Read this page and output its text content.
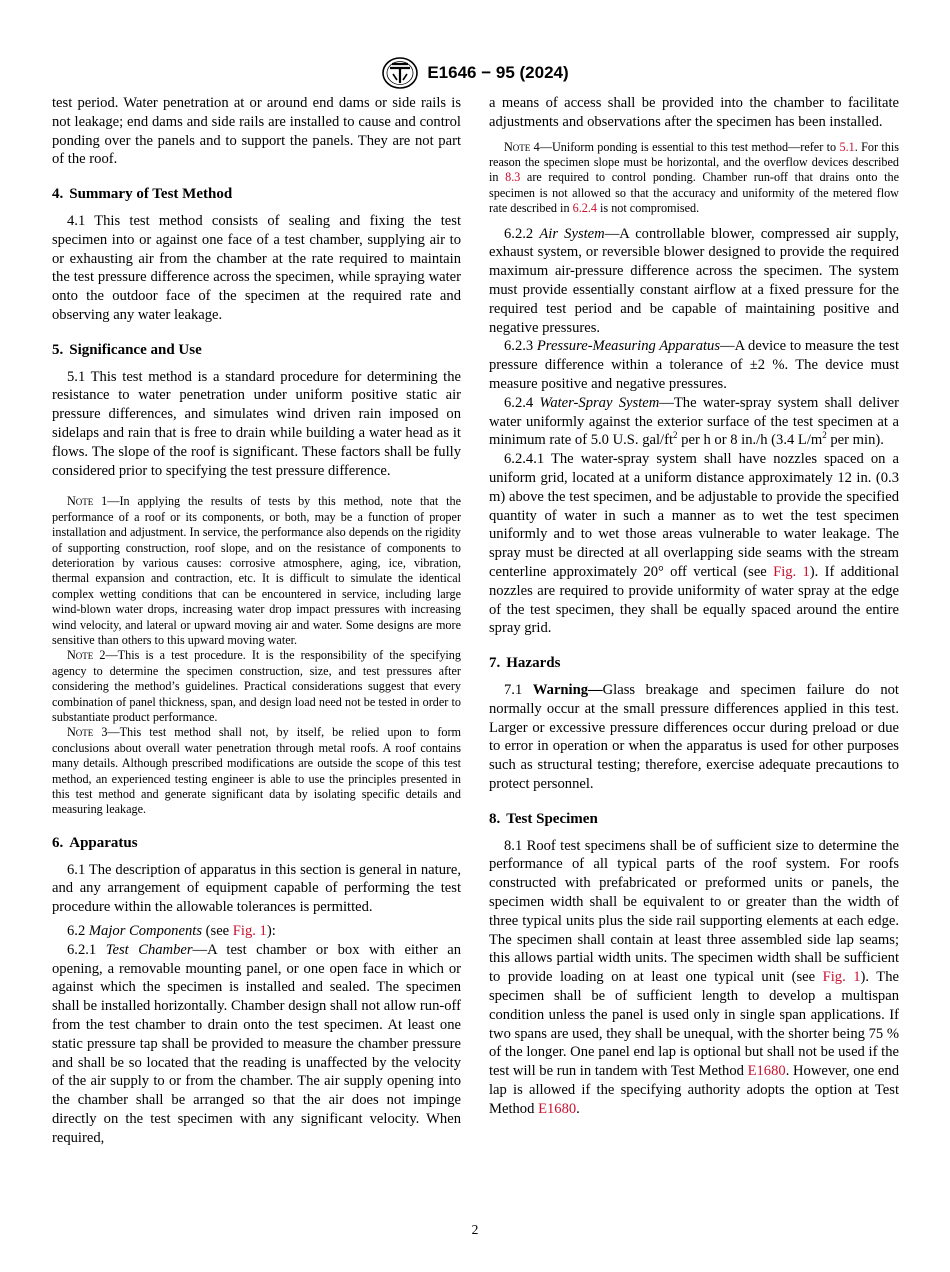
E1646 − 95 (2024)

test period. Water penetration at or around end dams or side rails is not leakage; end dams and side rails are installed to cause and control ponding over the panels and to support the panels. They are not part of the roof.

4. Summary of Test Method

4.1 This test method consists of sealing and fixing the test specimen into or against one face of a test chamber, supplying air to or exhausting air from the chamber at the rate required to maintain the test pressure difference across the specimen, while spraying water onto the outdoor face of the specimen at the required rate and observing any water leakage.

5. Significance and Use

5.1 This test method is a standard procedure for determining the resistance to water penetration under uniform positive static air pressure differences, and simulates wind driven rain imposed on sidelaps and rain that is free to drain while building a water head as it flows. The slope of the roof is significant. These factors shall be fully considered prior to specifying the test pressure difference.

Note 1—In applying the results of tests by this method, note that the performance of a roof or its components, or both, may be a function of proper installation and adjustment. In service, the performance also depends on the rigidity of supporting construction, roof slope, and on the resistance of components to deterioration by various causes: corrosive atmosphere, aging, ice, vibration, thermal expansion and contraction, etc. It is difficult to simulate the identical complex wetting conditions that can be encountered in service, including large wind-blown water drops, increasing water drop impact pressures with increasing wind velocity, and lateral or upward moving air and water. Some designs are more sensitive than others to this upward moving water.

Note 2—This is a test procedure. It is the responsibility of the specifying agency to determine the specimen construction, size, and test pressures after considering the method’s guidelines. Practical considerations suggest that every combination of panel thickness, span, and design load need not be tested in order to substantiate product performance.

Note 3—This test method shall not, by itself, be relied upon to form conclusions about overall water penetration through metal roofs. A roof contains many details. Although prescribed modifications are outside the scope of this test method, an experienced testing engineer is able to use the principles presented in this test method and generate significant data by isolating specific details and measuring leakage.

6. Apparatus

6.1 The description of apparatus in this section is general in nature, and any arrangement of equipment capable of performing the test procedure within the allowable tolerances is permitted.

6.2 Major Components (see Fig. 1):

6.2.1 Test Chamber—A test chamber or box with either an opening, a removable mounting panel, or one open face in which or against which the specimen is installed and sealed. The specimen shall be installed horizontally. Chamber design shall not allow run-off from the test chamber to drain onto the test specimen. At least one static pressure tap shall be provided to measure the chamber pressure and shall be so located that the reading is unaffected by the velocity of the air supply to or from the chamber. The air supply opening into the chamber shall be arranged so that the air does not impinge directly on the test specimen with any significant velocity. When required,

a means of access shall be provided into the chamber to facilitate adjustments and observations after the specimen has been installed.

Note 4—Uniform ponding is essential to this test method—refer to 5.1. For this reason the specimen slope must be horizontal, and the overflow devices described in 8.3 are required to control ponding. Chamber run-off that drains onto the specimen is not allowed so that the accuracy and uniformity of the metered flow rate described in 6.2.4 is not compromised.

6.2.2 Air System—A controllable blower, compressed air supply, exhaust system, or reversible blower designed to provide the required maximum air-pressure difference across the specimen. The system must provide essentially constant airflow at a fixed pressure for the required test period and be capable of maintaining positive and negative pressures.

6.2.3 Pressure-Measuring Apparatus—A device to measure the test pressure difference within a tolerance of ±2 %. The device must measure positive and negative pressures.

6.2.4 Water-Spray System—The water-spray system shall deliver water uniformly against the exterior surface of the test specimen at a minimum rate of 5.0 U.S. gal/$ft^2$ per h or 8 in./h (3.4 $L/m^2$ per min).

6.2.4.1 The water-spray system shall have nozzles spaced on a uniform grid, located at a uniform distance approximately 12 in. (0.3 m) above the test specimen, and be adjustable to provide the specified quantity of water in such a manner as to wet the test specimen uniformly and to wet those areas vulnerable to water leakage. The spray must be directed at all overlapping side seams with the stream centerline approximately 20° off vertical (see Fig. 1). If additional nozzles are required to provide uniformity of water spray at the edge of the test specimen, they shall be equally spaced around the entire spray grid.

7. Hazards

7.1 Warning—Glass breakage and specimen failure do not normally occur at the small pressure differences applied in this test. Larger or excessive pressure differences occur during preload or due to error in operation or when the apparatus is used for other purposes such as structural testing; therefore, exercise adequate precautions to protect personnel.

8. Test Specimen

8.1 Roof test specimens shall be of sufficient size to determine the performance of all typical parts of the roof system. For roofs constructed with prefabricated or preformed units or panels, the specimen width shall be equivalent to or greater than the width of three typical units plus the side rail supporting elements at each edge. The specimen shall contain at least three assembled side lap seams; this allows partial width units. The specimen width shall be sufficient to provide loading on at least one typical unit (see Fig. 1). The specimen shall be of sufficient length to develop a multispan condition unless the panel is used only in single span applications. If two spans are used, they shall be unequal, with the shorter being 75 % of the longer. One panel end lap is optional but shall not be used if the test will be run in tandem with Test Method E1680. However, one end lap is allowed if the specifying authority adopts the option at Test Method E1680.

2
